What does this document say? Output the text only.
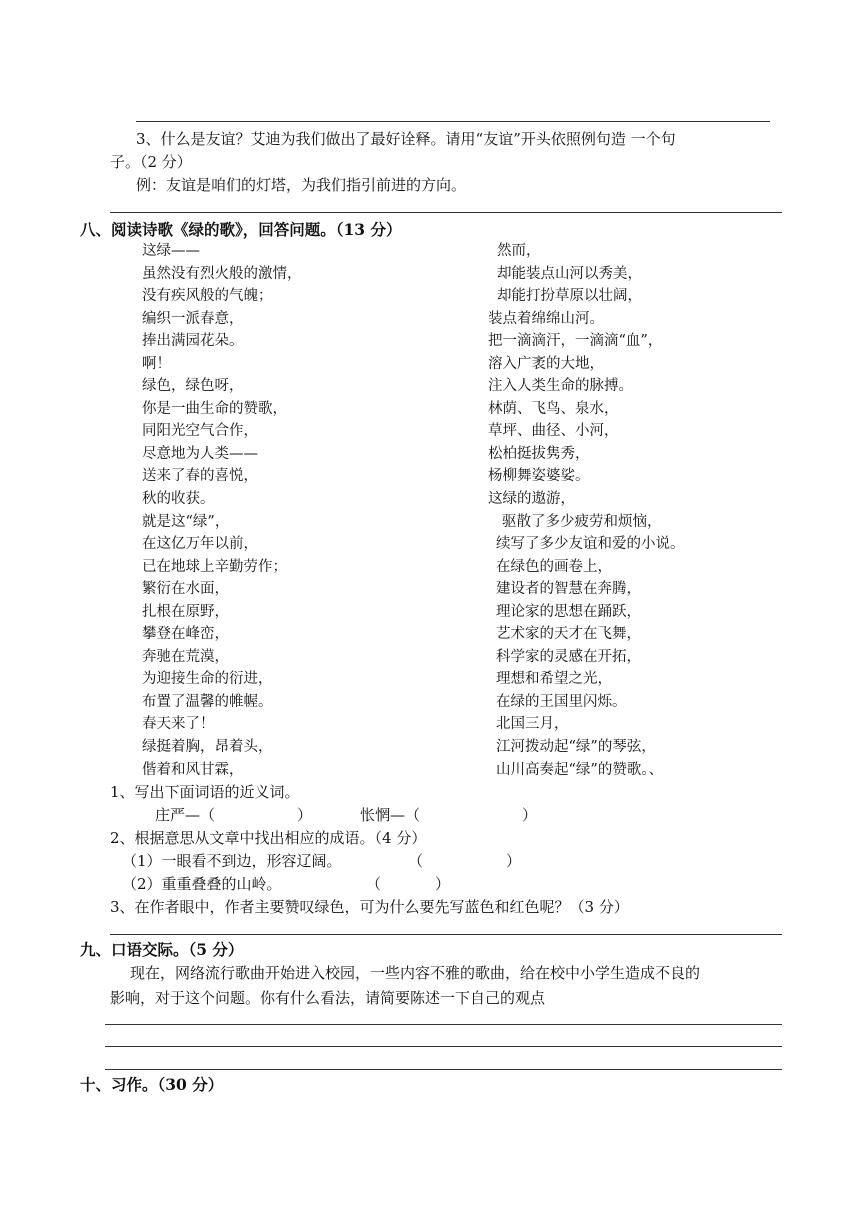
3、什么是友谊？艾迪为我们做出了最好诠释。请用“友谊”开头依照例句造 一个句
子。（2 分）
例：友谊是咱们的灯塔，为我们指引前进的方向。
八、阅读诗歌《绿的歌》，回答问题。（13 分）
这绿——
虽然没有烈火般的激情，
没有疾风般的气魄；
编织一派春意，
捧出满园花朵。
啊！
绿色，绿色呀，
你是一曲生命的赞歌，
同阳光空气合作，
尽意地为人类——
送来了春的喜悦，
秋的收获。
就是这“绿”，
在这亿万年以前，
已在地球上辛勤劳作；
繁衍在水面，
扎根在原野，
攀登在峰峦，
奔驰在荒漠，
为迎接生命的衍进，
布置了温馨的帷幄。
春天来了！
绿挺着胸，昂着头，
偕着和风甘霖，
然而，
却能装点山河以秀美，
却能打扮草原以壮阔，
装点着绵绵山河。
把一滴滴汗，一滴滴“血”，
溶入广袤的大地，
注入人类生命的脉搏。
林荫、飞鸟、泉水，
草坪、曲径、小河，
松柏挺拔隽秀，
杨柳舞姿婆娑。
这绿的遨游，
驱散了多少疲劳和烦恼，
续写了多少友谊和爱的小说。
在绿色的画卷上，
建设者的智慧在奔腾，
理论家的思想在踊跃，
艺术家的天才在飞舞，
科学家的灵感在开拓，
理想和希望之光，
在绿的王国里闪烁。
北国三月，
江河拨动起“绿”的琴弦，
山川高奏起“绿”的赞歌。、
1、写出下面词语的近义词。
庄严—（	）	怅惘—（	）
2、根据意思从文章中找出相应的成语。（4 分）
（1）一眼看不到边，形容辽阔。	（	）
（2）重重叠叠的山岭。	（	）
3、在作者眼中，作者主要赞叹绿色，可为什么要先写蓝色和红色呢？（3 分）
九、口语交际。（5 分）
现在，网络流行歌曲开始进入校园，一些内容不雅的歌曲，给在校中小学生造成不良的
影响，对于这个问题。你有什么看法，请简要陈述一下自己的观点
十、习作。（30 分）
